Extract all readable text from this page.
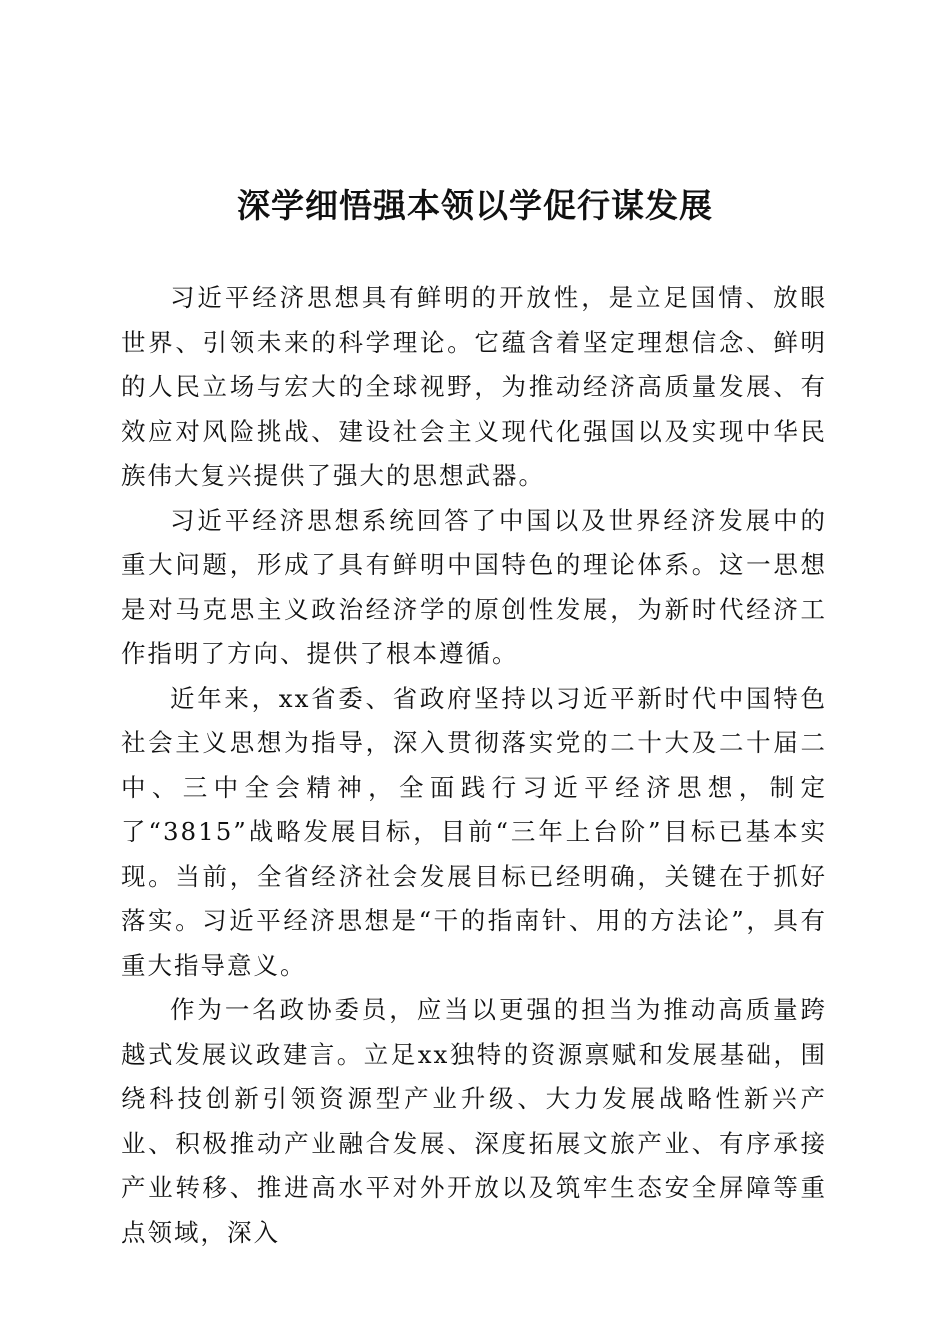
深学细悟强本领以学促行谋发展

习近平经济思想具有鲜明的开放性，是立足国情、放眼世界、引领未来的科学理论。它蕴含着坚定理想信念、鲜明的人民立场与宏大的全球视野，为推动经济高质量发展、有效应对风险挑战、建设社会主义现代化强国以及实现中华民族伟大复兴提供了强大的思想武器。

习近平经济思想系统回答了中国以及世界经济发展中的重大问题，形成了具有鲜明中国特色的理论体系。这一思想是对马克思主义政治经济学的原创性发展，为新时代经济工作指明了方向、提供了根本遵循。

近年来，xx省委、省政府坚持以习近平新时代中国特色社会主义思想为指导，深入贯彻落实党的二十大及二十届二中、三中全会精神，全面践行习近平经济思想，制定了“3815”战略发展目标，目前“三年上台阶”目标已基本实现。当前，全省经济社会发展目标已经明确，关键在于抓好落实。习近平经济思想是“干的指南针、用的方法论”，具有重大指导意义。

作为一名政协委员，应当以更强的担当为推动高质量跨越式发展议政建言。立足xx独特的资源禀赋和发展基础，围绕科技创新引领资源型产业升级、大力发展战略性新兴产业、积极推动产业融合发展、深度拓展文旅产业、有序承接产业转移、推进高水平对外开放以及筑牢生态安全屏障等重点领域，深入
